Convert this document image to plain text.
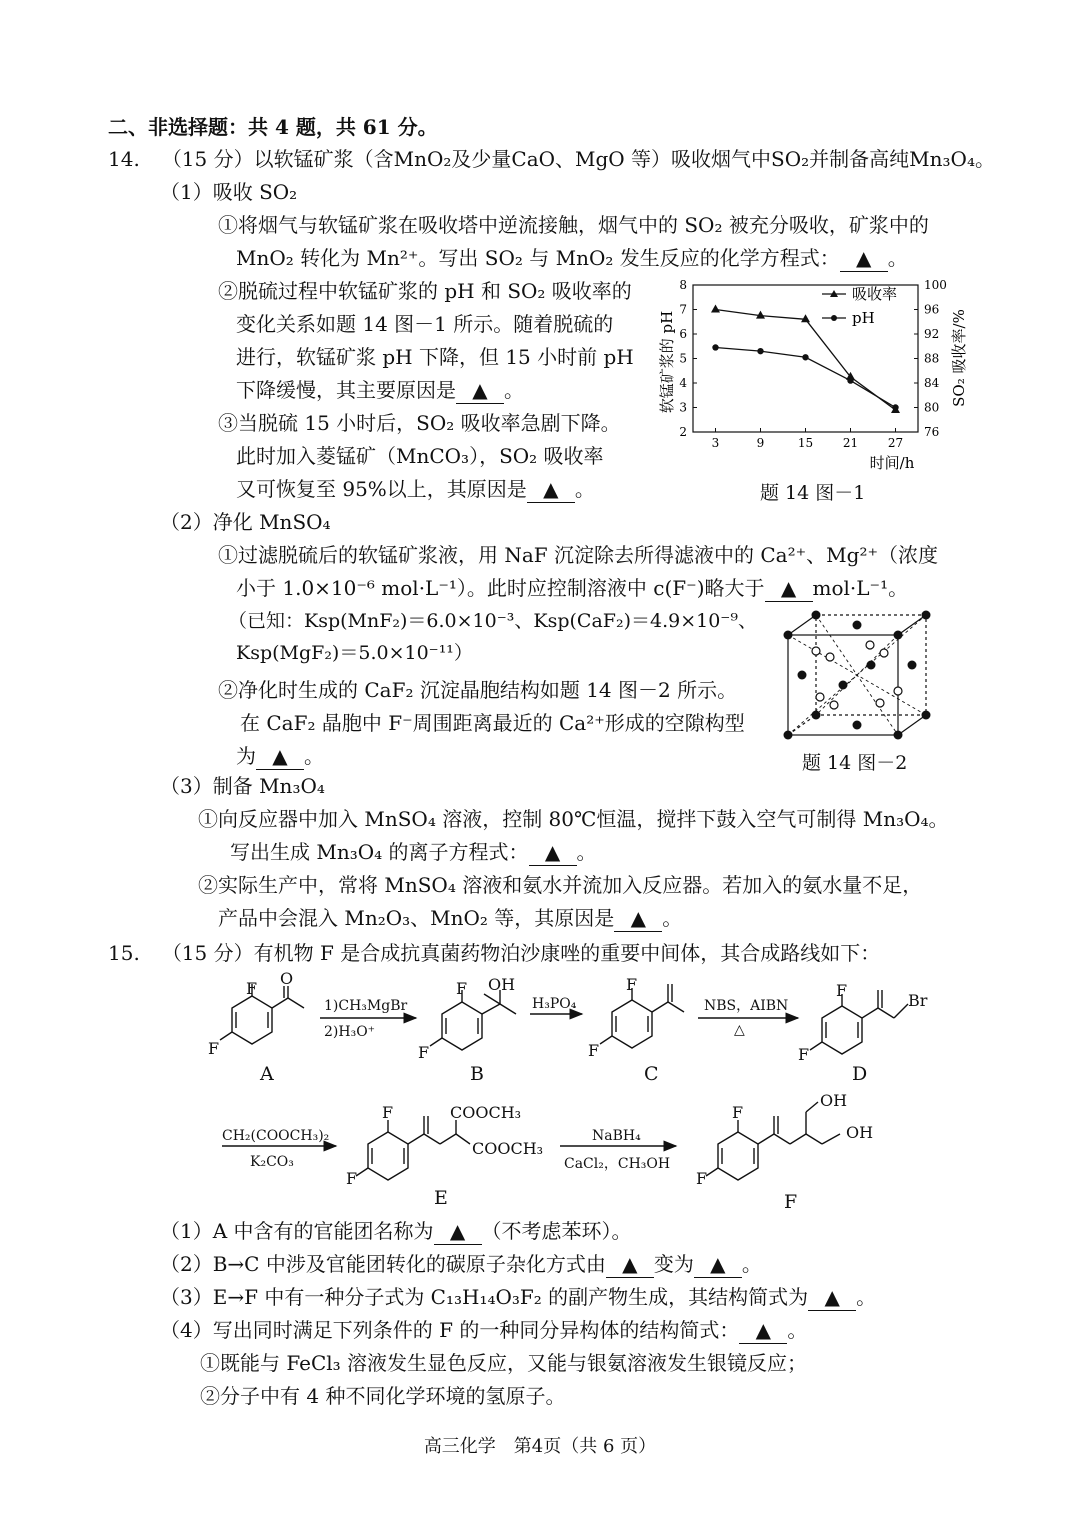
二、非选择题：共 4 题，共 61 分。
14. （15 分）以软锰矿浆（含MnO₂及少量CaO、MgO 等）吸收烟气中SO₂并制备高纯Mn₃O₄。
（1）吸收 SO₂
①将烟气与软锰矿浆在吸收塔中逆流接触，烟气中的 SO₂ 被充分吸收，矿浆中的
MnO₂ 转化为 Mn²⁺。写出 SO₂ 与 MnO₂ 发生反应的化学方程式： ▲ 。
②脱硫过程中软锰矿浆的 pH 和 SO₂ 吸收率的
变化关系如题 14 图－1 所示。随着脱硫的
进行，软锰矿浆 pH 下降，但 15 小时前 pH
下降缓慢，其主要原因是 ▲ 。
③当脱硫 15 小时后，SO₂ 吸收率急剧下降。
此时加入菱锰矿（MnCO₃），SO₂ 吸收率
又可恢复至 95%以上，其原因是 ▲ 。
2
3
4
5
6
7
8
76
80
84
88
92
96
100
3	9	15 21 27
软锰矿浆的 pH	SO₂ 吸收率/%
时间/h
吸收率
pH
题 14 图－1
（2）净化 MnSO₄
①过滤脱硫后的软锰矿浆液，用 NaF 沉淀除去所得滤液中的 Ca²⁺、Mg²⁺（浓度
小于 1.0×10⁻⁶ mol·L⁻¹）。此时应控制溶液中 c(F⁻)略大于 ▲ mol·L⁻¹。
（已知：Ksp(MnF₂)＝6.0×10⁻³、Ksp(CaF₂)＝4.9×10⁻⁹、
Ksp(MgF₂)＝5.0×10⁻¹¹）
②净化时生成的 CaF₂ 沉淀晶胞结构如题 14 图－2 所示。
在 CaF₂ 晶胞中 F⁻周围距离最近的 Ca²⁺形成的空隙构型
为 ▲ 。	题 14 图－2
（3）制备 Mn₃O₄
①向反应器中加入 MnSO₄ 溶液，控制 80℃恒温，搅拌下鼓入空气可制得 Mn₃O₄。
写出生成 Mn₃O₄ 的离子方程式： ▲ 。
②实际生产中，常将 MnSO₄ 溶液和氨水并流加入反应器。若加入的氨水量不足，
产品中会混入 Mn₂O₃、MnO₂ 等，其原因是 ▲ 。
15. （15 分）有机物 F 是合成抗真菌药物泊沙康唑的重要中间体，其合成路线如下：
F
O
F
A
1)CH₃MgBr
2)H₃O⁺
F OH
F
B
H₃PO₄
F
F
C
NBS，AIBN
△
F
Br
F
D
CH₂(COOCH₃)₂
K₂CO₃
F	COOCH₃
COOCH₃
F
E
NaBH₄
CaCl₂，CH₃OH
F
OH
OH
F
F
（1）A 中含有的官能团名称为 ▲ （不考虑苯环）。
（2）B→C 中涉及官能团转化的碳原子杂化方式由 ▲ 变为 ▲ 。
（3）E→F 中有一种分子式为 C₁₃H₁₄O₃F₂ 的副产物生成，其结构简式为 ▲ 。
（4）写出同时满足下列条件的 F 的一种同分异构体的结构简式： ▲ 。
①既能与 FeCl₃ 溶液发生显色反应，又能与银氨溶液发生银镜反应；
②分子中有 4 种不同化学环境的氢原子。
高三化学　第4页（共 6 页）
